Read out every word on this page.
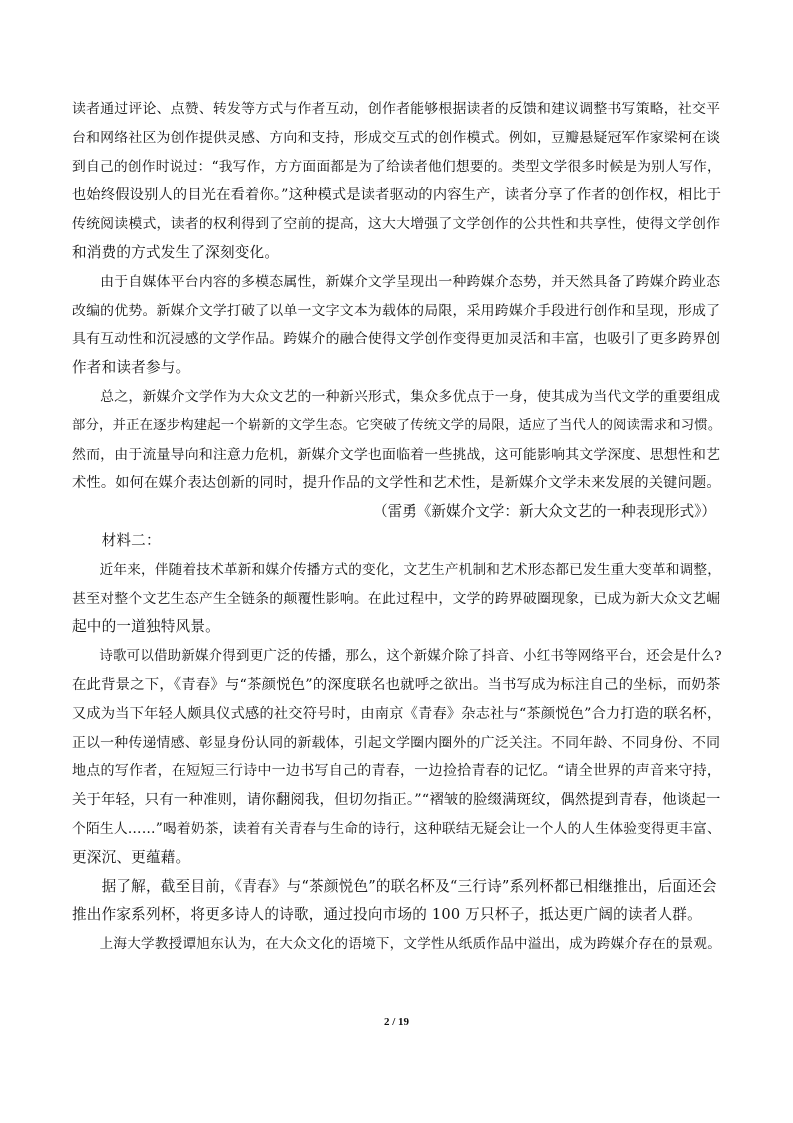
读者通过评论、点赞、转发等方式与作者互动，创作者能够根据读者的反馈和建议调整书写策略，社交平
台和网络社区为创作提供灵感、方向和支持，形成交互式的创作模式。例如，豆瓣悬疑冠军作家梁柯在谈
到自己的创作时说过：“我写作，方方面面都是为了给读者他们想要的。类型文学很多时候是为别人写作，
也始终假设别人的目光在看着你。”这种模式是读者驱动的内容生产，读者分享了作者的创作权，相比于
传统阅读模式，读者的权利得到了空前的提高，这大大增强了文学创作的公共性和共享性，使得文学创作
和消费的方式发生了深刻变化。

　　由于自媒体平台内容的多模态属性，新媒介文学呈现出一种跨媒介态势，并天然具备了跨媒介跨业态
改编的优势。新媒介文学打破了以单一文字文本为载体的局限，采用跨媒介手段进行创作和呈现，形成了
具有互动性和沉浸感的文学作品。跨媒介的融合使得文学创作变得更加灵活和丰富，也吸引了更多跨界创
作者和读者参与。

　　总之，新媒介文学作为大众文艺的一种新兴形式，集众多优点于一身，使其成为当代文学的重要组成
部分，并正在逐步构建起一个崭新的文学生态。它突破了传统文学的局限，适应了当代人的阅读需求和习惯。
然而，由于流量导向和注意力危机，新媒介文学也面临着一些挑战，这可能影响其文学深度、思想性和艺
术性。如何在媒介表达创新的同时，提升作品的文学性和艺术性，是新媒介文学未来发展的关键问题。

（雷勇《新媒介文学：新大众文艺的一种表现形式》）

　　材料二：

　　近年来，伴随着技术革新和媒介传播方式的变化，文艺生产机制和艺术形态都已发生重大变革和调整，
甚至对整个文艺生态产生全链条的颠覆性影响。在此过程中，文学的跨界破圈现象，已成为新大众文艺崛
起中的一道独特风景。

　　诗歌可以借助新媒介得到更广泛的传播，那么，这个新媒介除了抖音、小红书等网络平台，还会是什么?
在此背景之下，《青春》与“茶颜悦色”的深度联名也就呼之欲出。当书写成为标注自己的坐标，而奶茶
又成为当下年轻人颇具仪式感的社交符号时，由南京《青春》杂志社与“茶颜悦色”合力打造的联名杯，
正以一种传递情感、彰显身份认同的新载体，引起文学圈内圈外的广泛关注。不同年龄、不同身份、不同
地点的写作者，在短短三行诗中一边书写自己的青春，一边捡拾青春的记忆。“请全世界的声音来守持，
关于年轻，只有一种准则，请你翻阅我，但切勿指正。”“褶皱的脸缀满斑纹，偶然提到青春，他谈起一
个陌生人……”喝着奶茶，读着有关青春与生命的诗行，这种联结无疑会让一个人的人生体验变得更丰富、
更深沉、更蕴藉。

　　据了解，截至目前，《青春》与“茶颜悦色”的联名杯及“三行诗”系列杯都已相继推出，后面还会
推出作家系列杯，将更多诗人的诗歌，通过投向市场的 100 万只杯子，抵达更广阔的读者人群。

　　上海大学教授谭旭东认为，在大众文化的语境下，文学性从纸质作品中溢出，成为跨媒介存在的景观。

2 / 19
